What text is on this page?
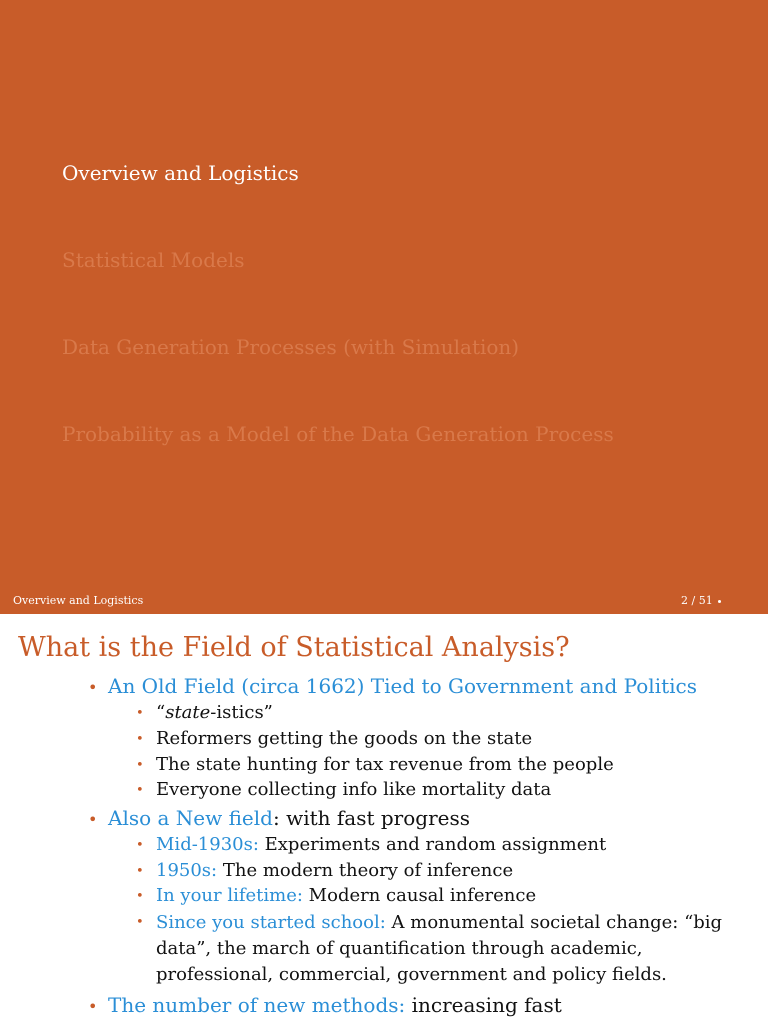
Overview and Logistics
Statistical Models
Data Generation Processes (with Simulation)
Probability as a Model of the Data Generation Process
Overview and Logistics	2 / 51
What is the Field of Statistical Analysis?
• An Old Field (circa 1662) Tied to Government and Politics
• “state-istics”
• Reformers getting the goods on the state
• The state hunting for tax revenue from the people
• Everyone collecting info like mortality data
• Also a New field: with fast progress
• Mid-1930s: Experiments and random assignment
• 1950s: The modern theory of inference
• In your lifetime: Modern causal inference
• Since you started school: A monumental societal change: “big data”, the march of quantification through academic, professional, commercial, government and policy fields.
• The number of new methods: increasing fast
